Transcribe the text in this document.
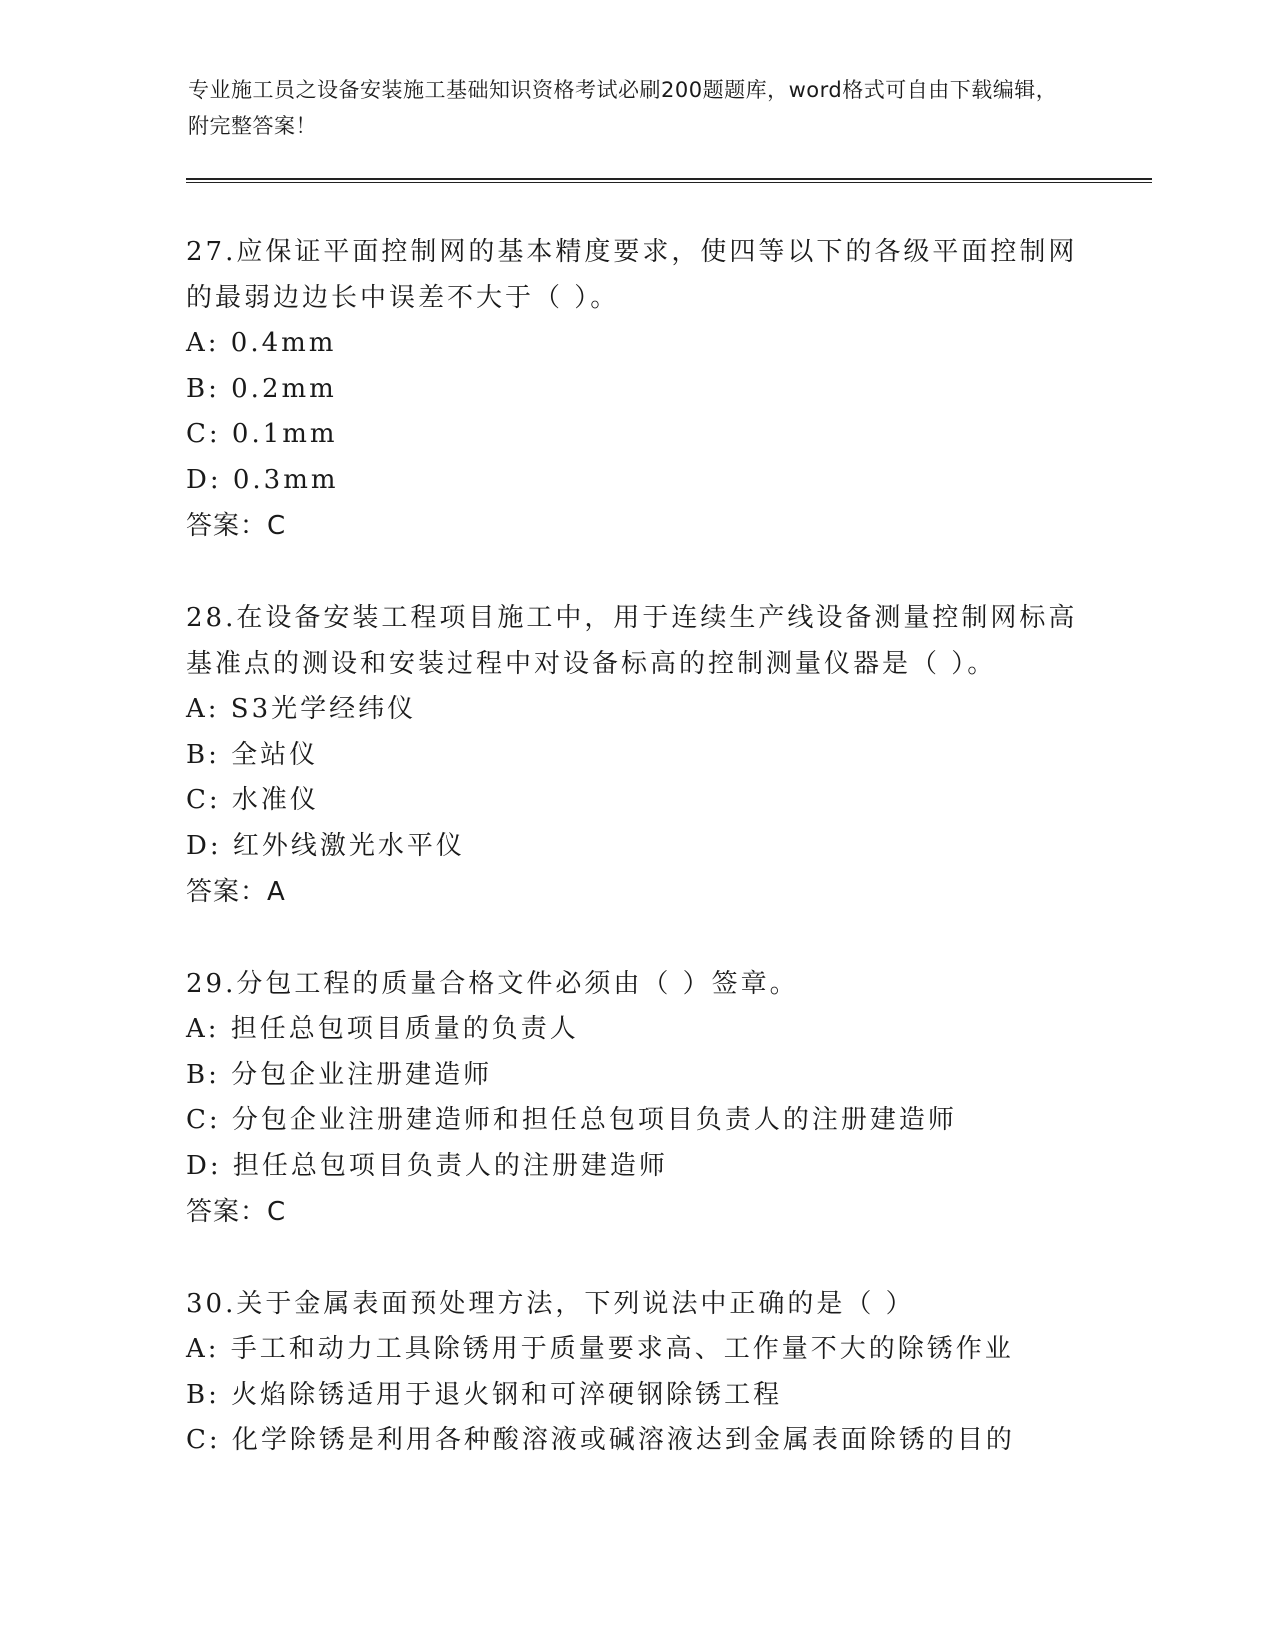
专业施工员之设备安装施工基础知识资格考试必刷200题题库，word格式可自由下载编辑，附完整答案！
27.应保证平面控制网的基本精度要求，使四等以下的各级平面控制网的最弱边边长中误差不大于（ ）。
A: 0.4mm
B: 0.2mm
C: 0.1mm
D: 0.3mm
答案：C
28.在设备安装工程项目施工中，用于连续生产线设备测量控制网标高基准点的测设和安装过程中对设备标高的控制测量仪器是（ ）。
A: S3光学经纬仪
B: 全站仪
C: 水准仪
D: 红外线激光水平仪
答案：A
29.分包工程的质量合格文件必须由（ ）签章。
A: 担任总包项目质量的负责人
B: 分包企业注册建造师
C: 分包企业注册建造师和担任总包项目负责人的注册建造师
D: 担任总包项目负责人的注册建造师
答案：C
30.关于金属表面预处理方法，下列说法中正确的是（ ）
A: 手工和动力工具除锈用于质量要求高、工作量不大的除锈作业
B: 火焰除锈适用于退火钢和可淬硬钢除锈工程
C: 化学除锈是利用各种酸溶液或碱溶液达到金属表面除锈的目的
